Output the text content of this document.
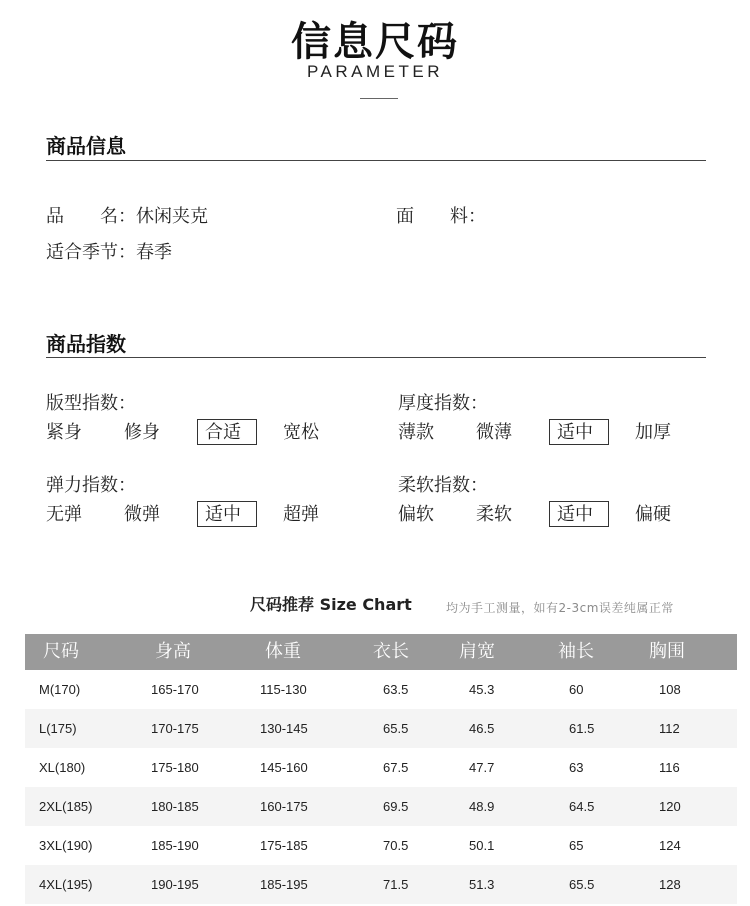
信息尺码
PARAMETER
商品信息
品　　名： 休闲夹克	面　　料：
适合季节： 春季
商品指数
版型指数：
紧身 修身	合适	宽松
厚度指数：
薄款 微薄	适中	加厚
弹力指数：
无弹 微弹	适中	超弹
柔软指数：
偏软 柔软	适中	偏硬
尺码推荐 Size Chart	均为手工测量，如有2-3cm误差纯属正常
尺码	身高	体重	衣长	肩宽	袖长	胸围
M(170)	165-170	115-130	63.5	45.3	60	108
L(175)	170-175	130-145	65.5	46.5	61.5	112
XL(180)	175-180	145-160	67.5	47.7	63	116
2XL(185)	180-185	160-175	69.5	48.9	64.5	120
3XL(190)	185-190	175-185	70.5	50.1	65	124
4XL(195)	190-195	185-195	71.5	51.3	65.5	128
